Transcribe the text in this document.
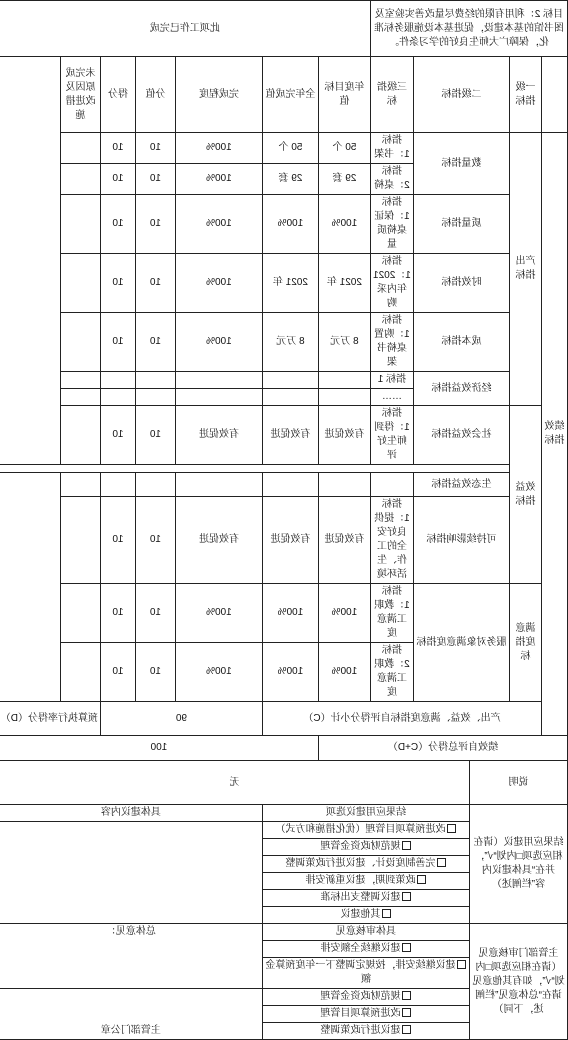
目标 2：利用有限的经费尽量改善实验室及图书馆的基本建设，促进基本设施服务标准化，保障广大师生良好的学习条件。					此项工作已完成						
	一级指标	二级指标		三级指标	年度目标值	全年完成值	完成程度	分值	得分	未完成原因及改进措施	
绩效指标	产出指标	数量指标		指标 1：书架	50 个	50 个	100%	10	10		
				指标 2：桌椅	29 套	29 套	100%	10	10		
		质量指标		指标 1：保证桌椅质量	100%	100%	100%	10	10		
		时效指标		指标 1：2021 年内采购	2021 年	2021 年	100%	10	10		
		成本指标		指标 1：购置桌椅书架	8 万元	8 万元	100%	10	10		
		经济效益指标		指标 1							
				……							
	效益指标	社会效益指标		指标 1：得到师生好评	有效促进	有效促进	有效促进	10	10		

		生态效益指标									
		可持续影响指标		指标 1：提供良好安全的工作、生活环境	有效促进	有效促进	有效促进	10	10		
	满意度指标	服务对象满意度指标		指标 1：教职工满意度	100%	100%	100%	10	10		
				指标 2：教职工满意度	100%	100%	100%	10	10		
	产出、效益、满意度指标自评得分小计（C）						90			预算执行率得分（D）	
绩效自评总得分（C+D）						100					
说明			无								
结果应用建议（请在相应选项□内划“√”，并在“具体建议内容”栏阐述）			结果应用建议选项				具体建议内容				
			改进预算项目管理（优化措施和方式）								
			规范财政资金管理								
			完善制度设计、建议进行政策调整								
			政策到期，建议重新安排								
			建议调整支出标准								
			其他建议								
主管部门审核意见（请在相应选项□内划“√”，如有其他意见请在“总体意见”栏阐述，下同）			具体审核意见				总体意见：				
			建议继续全额安排								
			建议继续安排，按规定调整下一年度预算金额								
			规范财政资金管理				主管部门公章				
			改进预算项目管理								
			建议进行政策调整								
